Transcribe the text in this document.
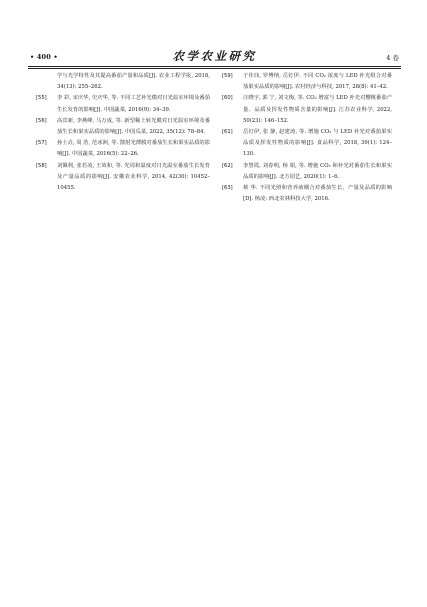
• 400 •	农学农业研究	4 卷
学与光学特性及其提高番茄产量和品质[J]. 农业工程学报, 2018, 34(13): 255–262.
[55]	李 彩, 宋庆华, 史庆华, 等. 不同工艺补光模对日光温室环境及番茄生长发育的影响[J]. 中国蔬菜, 2016(9): 34–39.
[56]	高宾新, 李燕峰, 马万成, 等. 新型稀土转光膜对日光温室环境及番茄生长和果实品质的影响[J]. 中国瓜菜, 2022, 35(12): 78–84.
[57]	孙士垚, 周 浩, 范冰洲, 等. 散射光薄膜对番茄生长和果实品质的影响[J]. 中国蔬菜, 2016(5): 22–26.
[58]	刘佩利, 张若凌, 王效和, 等. 光周和温度对日光温室番茄生长发育及产量品质的影响[J]. 安徽农业科学, 2014, 42(30): 10452–10455.
[59]	于佳玮, 罗博纳, 岳钉伊. 不同 CO₂ 浓度与 LED 补光组合对番茄果实品质的影响[J]. 农村经济与科技, 2017, 28(8): 41–42.
[60]	汪晓宇, 郭 宁, 刘文梅, 等. CO₂ 增富与 LED 补光对樱桃番茄产量、品质及挥发性物质含量的影响[J]. 江苏农业科学, 2022, 50(23): 146–152.
[61]	岳钉伊, 张 静, 赵建涛, 等. 增施 CO₂ 与 LED 补光对番茄果实品质及挥发性物质的影响[J]. 食品科学, 2018, 39(1): 124–130.
[62]	李慧霞, 刘春明, 杨 娟, 等. 增施 CO₂ 和补光对番茄生长和果实品质的影响[J]. 北方园艺, 2020(1): 1–6.
[63]	蔡 华. 不同光照和营养液耦合对番茄生长、产量及品质的影响[D]. 杨凌: 西北农林科技大学, 2016.
